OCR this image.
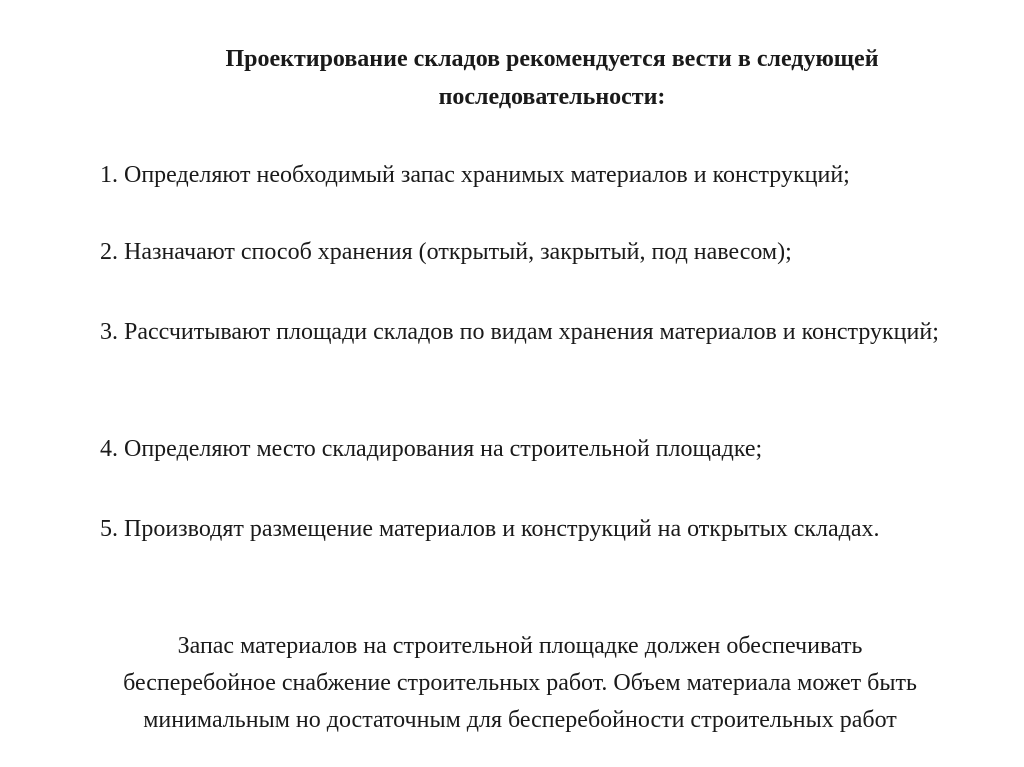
Проектирование складов рекомендуется вести в следующей
последовательности:

1. Определяют необходимый запас хранимых материалов и конструкций;

2. Назначают способ хранения (открытый, закрытый, под навесом);

3. Рассчитывают площади складов по видам хранения материалов и конструкций;

4. Определяют место складирования на строительной площадке;

5. Производят размещение материалов и конструкций на открытых складах.

Запас материалов на строительной площадке должен обеспечивать
бесперебойное снабжение строительных работ. Объем материала может быть
минимальным но достаточным для бесперебойности строительных работ
